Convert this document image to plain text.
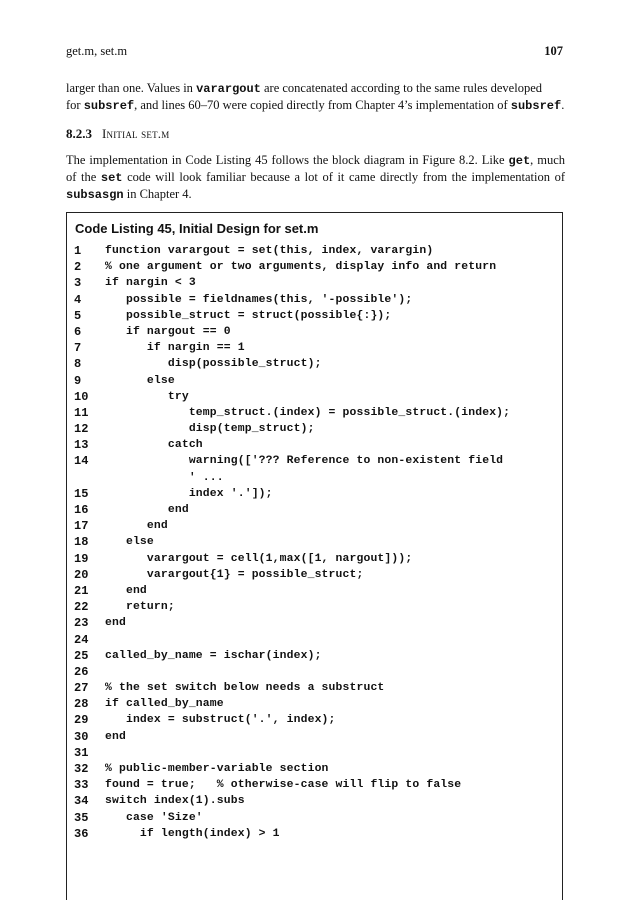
get.m, set.m	107
larger than one. Values in varargout are concatenated according to the same rules developed
for subsref, and lines 60–70 were copied directly from Chapter 4’s implementation of subsref.
8.2.3 Initial set.m
The implementation in Code Listing 45 follows the block diagram in Figure 8.2. Like get, much
of the set code will look familiar because a lot of it came directly from the implementation of
subsasgn in Chapter 4.
Code Listing 45, Initial Design for set.m
1	function varargout = set(this, index, varargin)
2	% one argument or two arguments, display info and return
3	if nargin < 3
4	possible = fieldnames(this, '-possible');
5	possible_struct = struct(possible{:});
6	if nargout == 0
7	if nargin == 1
8	disp(possible_struct);
9	else
10	try
11	temp_struct.(index) = possible_struct.(index);
12	disp(temp_struct);
13	catch
14	warning(['??? Reference to non-existent field
' ...
15	index '.']);
16	end
17	end
18	else
19	varargout = cell(1,max([1, nargout]));
20	varargout{1} = possible_struct;
21	end
22	return;
23	end
24
25	called_by_name = ischar(index);
26
27	% the set switch below needs a substruct
28	if called_by_name
29	index = substruct('.', index);
30	end
31
32	% public-member-variable section
33	found = true;   % otherwise-case will flip to false
34	switch index(1).subs
35	case 'Size'
36	if length(index) > 1
